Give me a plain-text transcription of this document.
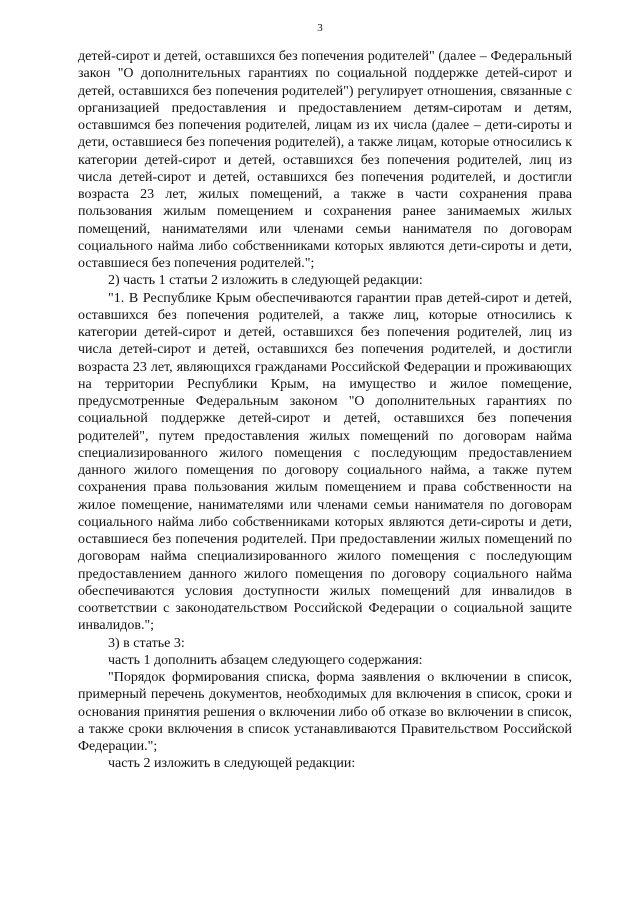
3

детей-сирот и детей, оставшихся без попечения родителей" (далее – Федеральный закон "О дополнительных гарантиях по социальной поддержке детей-сирот и детей, оставшихся без попечения родителей") регулирует отношения, связанные с организацией предоставления и предоставлением детям-сиротам и детям, оставшимся без попечения родителей, лицам из их числа (далее – дети-сироты и дети, оставшиеся без попечения родителей), а также лицам, которые относились к категории детей-сирот и детей, оставшихся без попечения родителей, лиц из числа детей-сирот и детей, оставшихся без попечения родителей, и достигли возраста 23 лет, жилых помещений, а также в части сохранения права пользования жилым помещением и сохранения ранее занимаемых жилых помещений, нанимателями или членами семьи нанимателя по договорам социального найма либо собственниками которых являются дети-сироты и дети, оставшиеся без попечения родителей.";

2) часть 1 статьи 2 изложить в следующей редакции:

"1. В Республике Крым обеспечиваются гарантии прав детей-сирот и детей, оставшихся без попечения родителей, а также лиц, которые относились к категории детей-сирот и детей, оставшихся без попечения родителей, лиц из числа детей-сирот и детей, оставшихся без попечения родителей, и достигли возраста 23 лет, являющихся гражданами Российской Федерации и проживающих на территории Республики Крым, на имущество и жилое помещение, предусмотренные Федеральным законом "О дополнительных гарантиях по социальной поддержке детей-сирот и детей, оставшихся без попечения родителей", путем предоставления жилых помещений по договорам найма специализированного жилого помещения с последующим предоставлением данного жилого помещения по договору социального найма, а также путем сохранения права пользования жилым помещением и права собственности на жилое помещение, нанимателями или членами семьи нанимателя по договорам социального найма либо собственниками которых являются дети-сироты и дети, оставшиеся без попечения родителей. При предоставлении жилых помещений по договорам найма специализированного жилого помещения с последующим предоставлением данного жилого помещения по договору социального найма обеспечиваются условия доступности жилых помещений для инвалидов в соответствии с законодательством Российской Федерации о социальной защите инвалидов.";

3) в статье 3:

часть 1 дополнить абзацем следующего содержания:

"Порядок формирования списка, форма заявления о включении в список, примерный перечень документов, необходимых для включения в список, сроки и основания принятия решения о включении либо об отказе во включении в список, а также сроки включения в список устанавливаются Правительством Российской Федерации.";

часть 2 изложить в следующей редакции:
